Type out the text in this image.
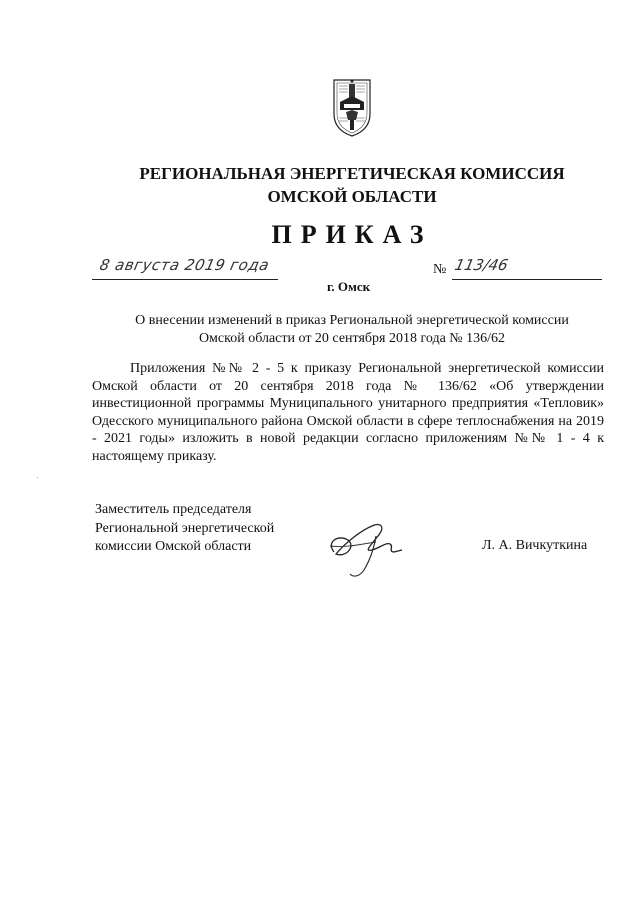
РЕГИОНАЛЬНАЯ ЭНЕРГЕТИЧЕСКАЯ КОМИССИЯ
ОМСКОЙ ОБЛАСТИ
ПРИКАЗ
8 августа 2019 года	№ 113/46
г. Омск
О внесении изменений в приказ Региональной энергетической комиссии Омской области от 20 сентября 2018 года № 136/62

Приложения №№ 2 - 5 к приказу Региональной энергетической комиссии Омской области от 20 сентября 2018 года № 136/62 «Об утверждении инвестиционной программы Муниципального унитарного предприятия «Тепловик» Одесского муниципального района Омской области в сфере теплоснабжения на 2019 - 2021 годы» изложить в новой редакции согласно приложениям №№ 1 - 4 к настоящему приказу.

Заместитель председателя
Региональной энергетической
комиссии Омской области	Л. А. Вичкуткина
